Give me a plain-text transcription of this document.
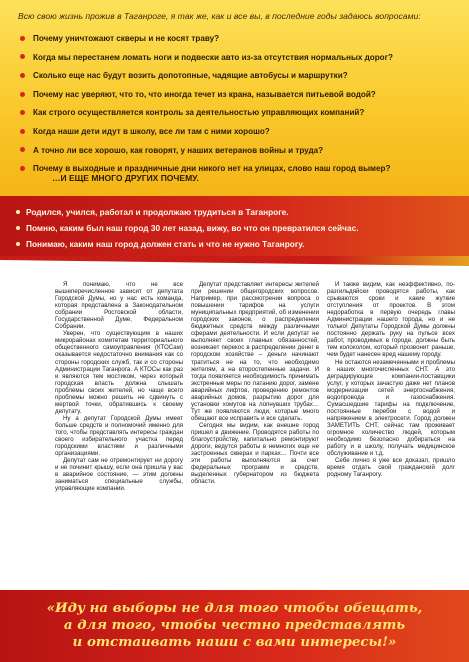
Всю свою жизнь прожив в Таганроге, я так же, как и все вы, в последние годы задаюсь вопросами:
Почему уничтожают скверы и не косят траву?
Когда мы перестанем ломать ноги и подвески авто из-за отсутствия нормальных дорог?
Сколько еще нас будут возить допотопные, чадящие автобусы и маршрутки?
Почему нас уверяют, что то, что иногда течет из крана, называется питьевой водой?
Как строго осуществляется контроль за деятельностью управляющих компаний?
Когда наши дети идут в школу, все ли там с ними хорошо?
А точно ли все хорошо, как говорят, у наших ветеранов войны и труда?
Почему в выходные и праздничные дни никого нет на улицах, слово наш город вымер?
…И ЕЩЕ МНОГО ДРУГИХ ПОЧЕМУ.
Родился, учился, работал и продолжаю трудиться в Таганроге.
Помню, каким был наш город 30 лет назад, вижу, во что он превратился сейчас.
Понимаю, каким наш город должен стать и что не нужно Таганрогу.

Я понимаю, что не все вышеперечисленное зависит от депутата Городской Думы, но у нас есть команда, которая представлена в Законодательном собрании Ростовской области, Государственной Думе, Федеральном Собрании.

Уверен, что существующим в наших микрорайонах комитетам территориального общественного самоуправления (КТОСам) оказывается недостаточно внимания как со стороны городских служб, так и со стороны Администрации Таганрога. А КТОСы как раз и являются тем мостиком, через который городская власть должна слышать проблемы своих жителей, но чаще всего проблемы можно решить не сдвинуть с мертвой точки, обратившись к своему депутату.

Ну а депутат Городской Думы имеет больше средств и полномочий именно для того, чтобы представлять интересы граждан своего избирательного участка перед городскими властями и различными организациями.

Депутат сам не отремонтирует ни дорогу и не починит крышу, если она пришла у вас в аварийное состояние, — этим должны заниматься специальные службы, управляющие компании.

Депутат представляет интересы жителей при решении общегородских вопросов. Например, при рассмотрении вопроса о повышении тарифов на услуги муниципальных предприятий, об изменении городских законов, о распределении бюджетных средств между различными сферами деятельности. И если депутат не выполняет своих главных обязанностей, возникает перекос в распределении денег в городском хозяйстве – деньги начинают тратиться не на то, что необходимо жителям, а на второстепенные задачи. И тогда появляется необходимость принимать экстренные меры по латанию дорог, замене аварийных лифтов, проведению ремонтов аварийных домов, разрытию дорог для установки хомутов на лопнувших трубах… Тут же появляются люди, которые много обещают все исправить и все сделать.

Сегодня мы видим, как внешне город пришел в движение. Проводятся работы по благоустройству, капитально ремонтируют дороги, ведутся работы в немногих еще не застроенных скверах и парках… Почти все эти работы выполняются за счет федеральных программ и средств, выделенных губернатором из бюджета области.

И также видим, как неэффективно, по-разгильдяйски проводятся работы, как срываются сроки и какие жуткие отступления от проектов. В этом недоработка в первую очередь главы Администрации нашего города, но и не только! Депутаты Городской Думы должны постоянно держать руку на пульсе всех работ, проводимых в городе, должны быть тем колоколом, который прозвонит раньше, чем будет нанесен вред нашему городу.

Не остаются незамеченными и проблемы в наших многочисленных СНТ. А это деградирующие компании-поставщики услуг, у которых зачастую даже нет планов модернизации сетей энергоснабжения, водопровода и газоснабжения. Сумасшедшие тарифы на подключение, постоянные перебои с водой и напряжением в электросети. Город должен ЗАМЕТИТЬ СНТ, сейчас там проживает огромное количество людей, которым необходимо безопасно добираться на работу и в школу, получать медицинское обслуживание и т.д.

Себе лично я уже все доказал, пришло время отдать свой гражданский долг родному Таганрогу.

«Иду на выборы не для того чтобы обещать,
а для того, чтобы честно представлять
и отстаивать наши с вами интересы!»
